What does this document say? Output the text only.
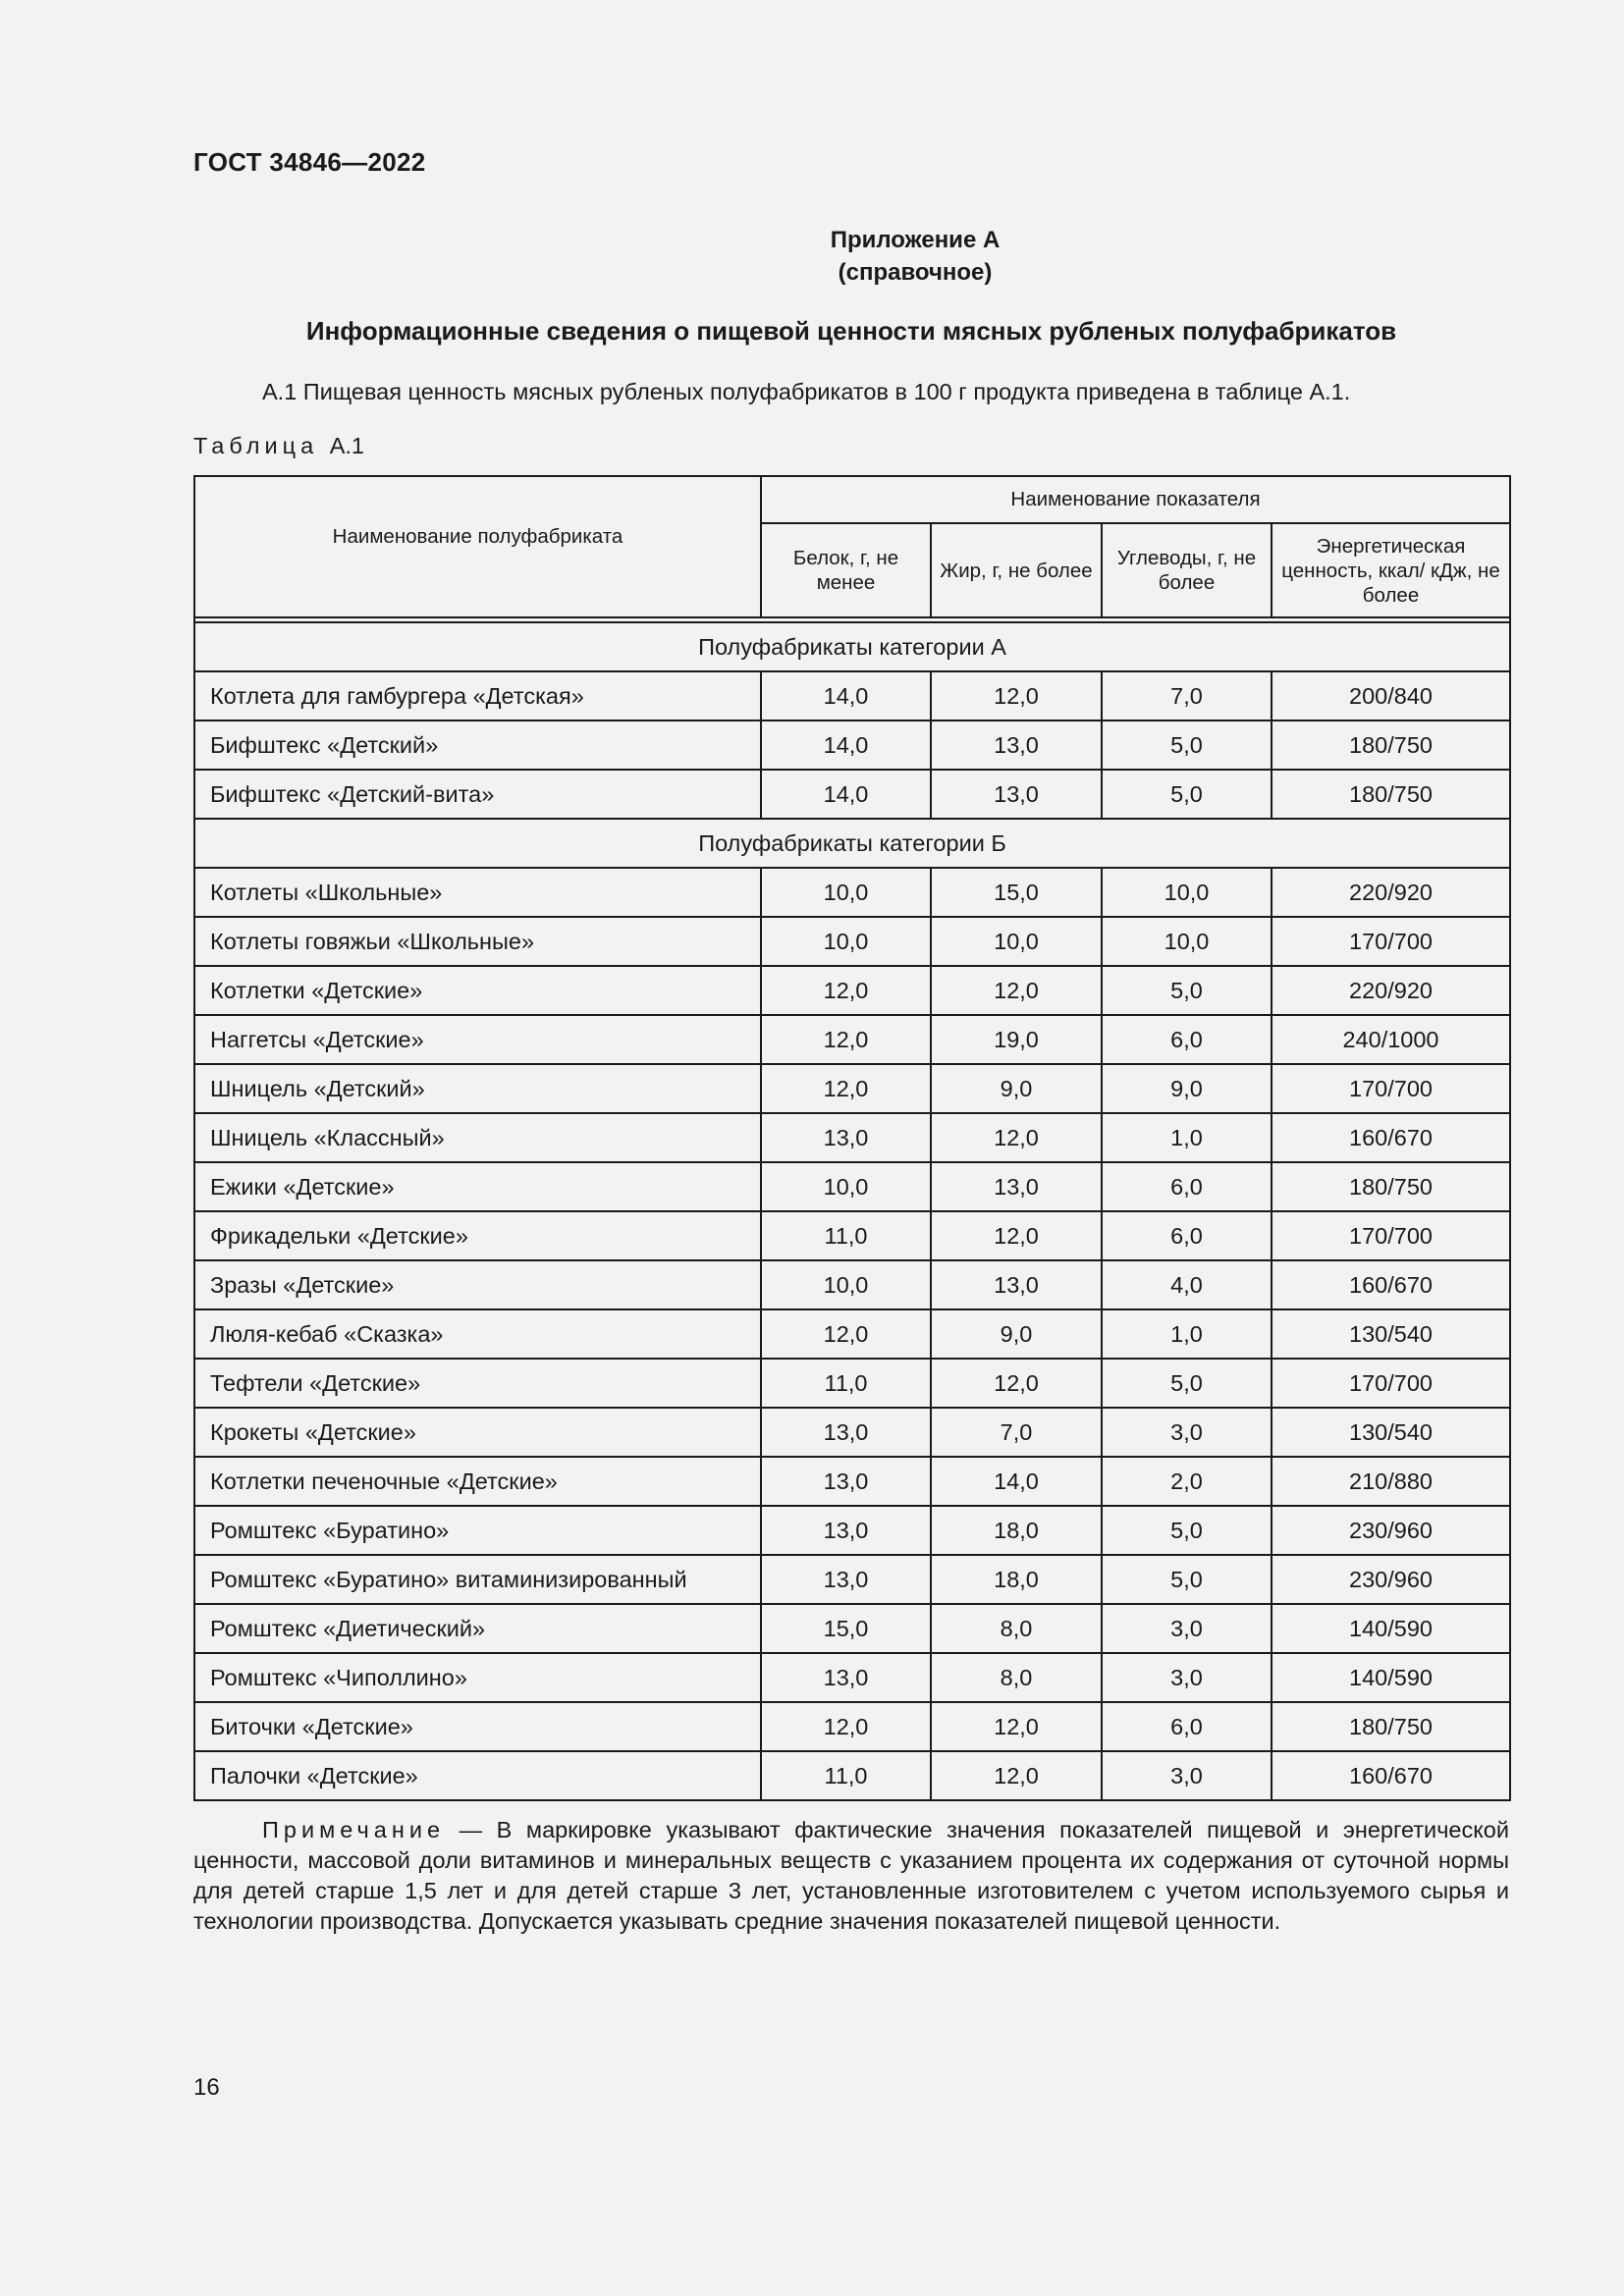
ГОСТ 34846—2022
Приложение А
(справочное)
Информационные сведения о пищевой ценности мясных рубленых полуфабрикатов
А.1 Пищевая ценность мясных рубленых полуфабрикатов в 100 г продукта приведена в таблице А.1.
Таблица А.1
Наименование полуфабриката	Наименование показателя			
	Белок, г, не менее	Жир, г, не более	Углеводы, г, не более	Энергетическая ценность, ккал/ кДж, не более

Полуфабрикаты категории А				
Котлета для гамбургера «Детская»	14,0	12,0	7,0	200/840
Бифштекс «Детский»	14,0	13,0	5,0	180/750
Бифштекс «Детский-вита»	14,0	13,0	5,0	180/750
Полуфабрикаты категории Б				
Котлеты «Школьные»	10,0	15,0	10,0	220/920
Котлеты говяжьи «Школьные»	10,0	10,0	10,0	170/700
Котлетки «Детские»	12,0	12,0	5,0	220/920
Наггетсы «Детские»	12,0	19,0	6,0	240/1000
Шницель «Детский»	12,0	9,0	9,0	170/700
Шницель «Классный»	13,0	12,0	1,0	160/670
Ежики «Детские»	10,0	13,0	6,0	180/750
Фрикадельки «Детские»	11,0	12,0	6,0	170/700
Зразы «Детские»	10,0	13,0	4,0	160/670
Люля-кебаб «Сказка»	12,0	9,0	1,0	130/540
Тефтели «Детские»	11,0	12,0	5,0	170/700
Крокеты «Детские»	13,0	7,0	3,0	130/540
Котлетки печеночные «Детские»	13,0	14,0	2,0	210/880
Ромштекс «Буратино»	13,0	18,0	5,0	230/960
Ромштекс «Буратино» витаминизированный	13,0	18,0	5,0	230/960
Ромштекс «Диетический»	15,0	8,0	3,0	140/590
Ромштекс «Чиполлино»	13,0	8,0	3,0	140/590
Биточки «Детские»	12,0	12,0	6,0	180/750
Палочки «Детские»	11,0	12,0	3,0	160/670
Примечание — В маркировке указывают фактические значения показателей пищевой и энергетической ценности, массовой доли витаминов и минеральных веществ с указанием процента их содержания от суточной нормы для детей старше 1,5 лет и для детей старше 3 лет, установленные изготовителем с учетом используемого сырья и технологии производства. Допускается указывать средние значения показателей пищевой ценности.
16
